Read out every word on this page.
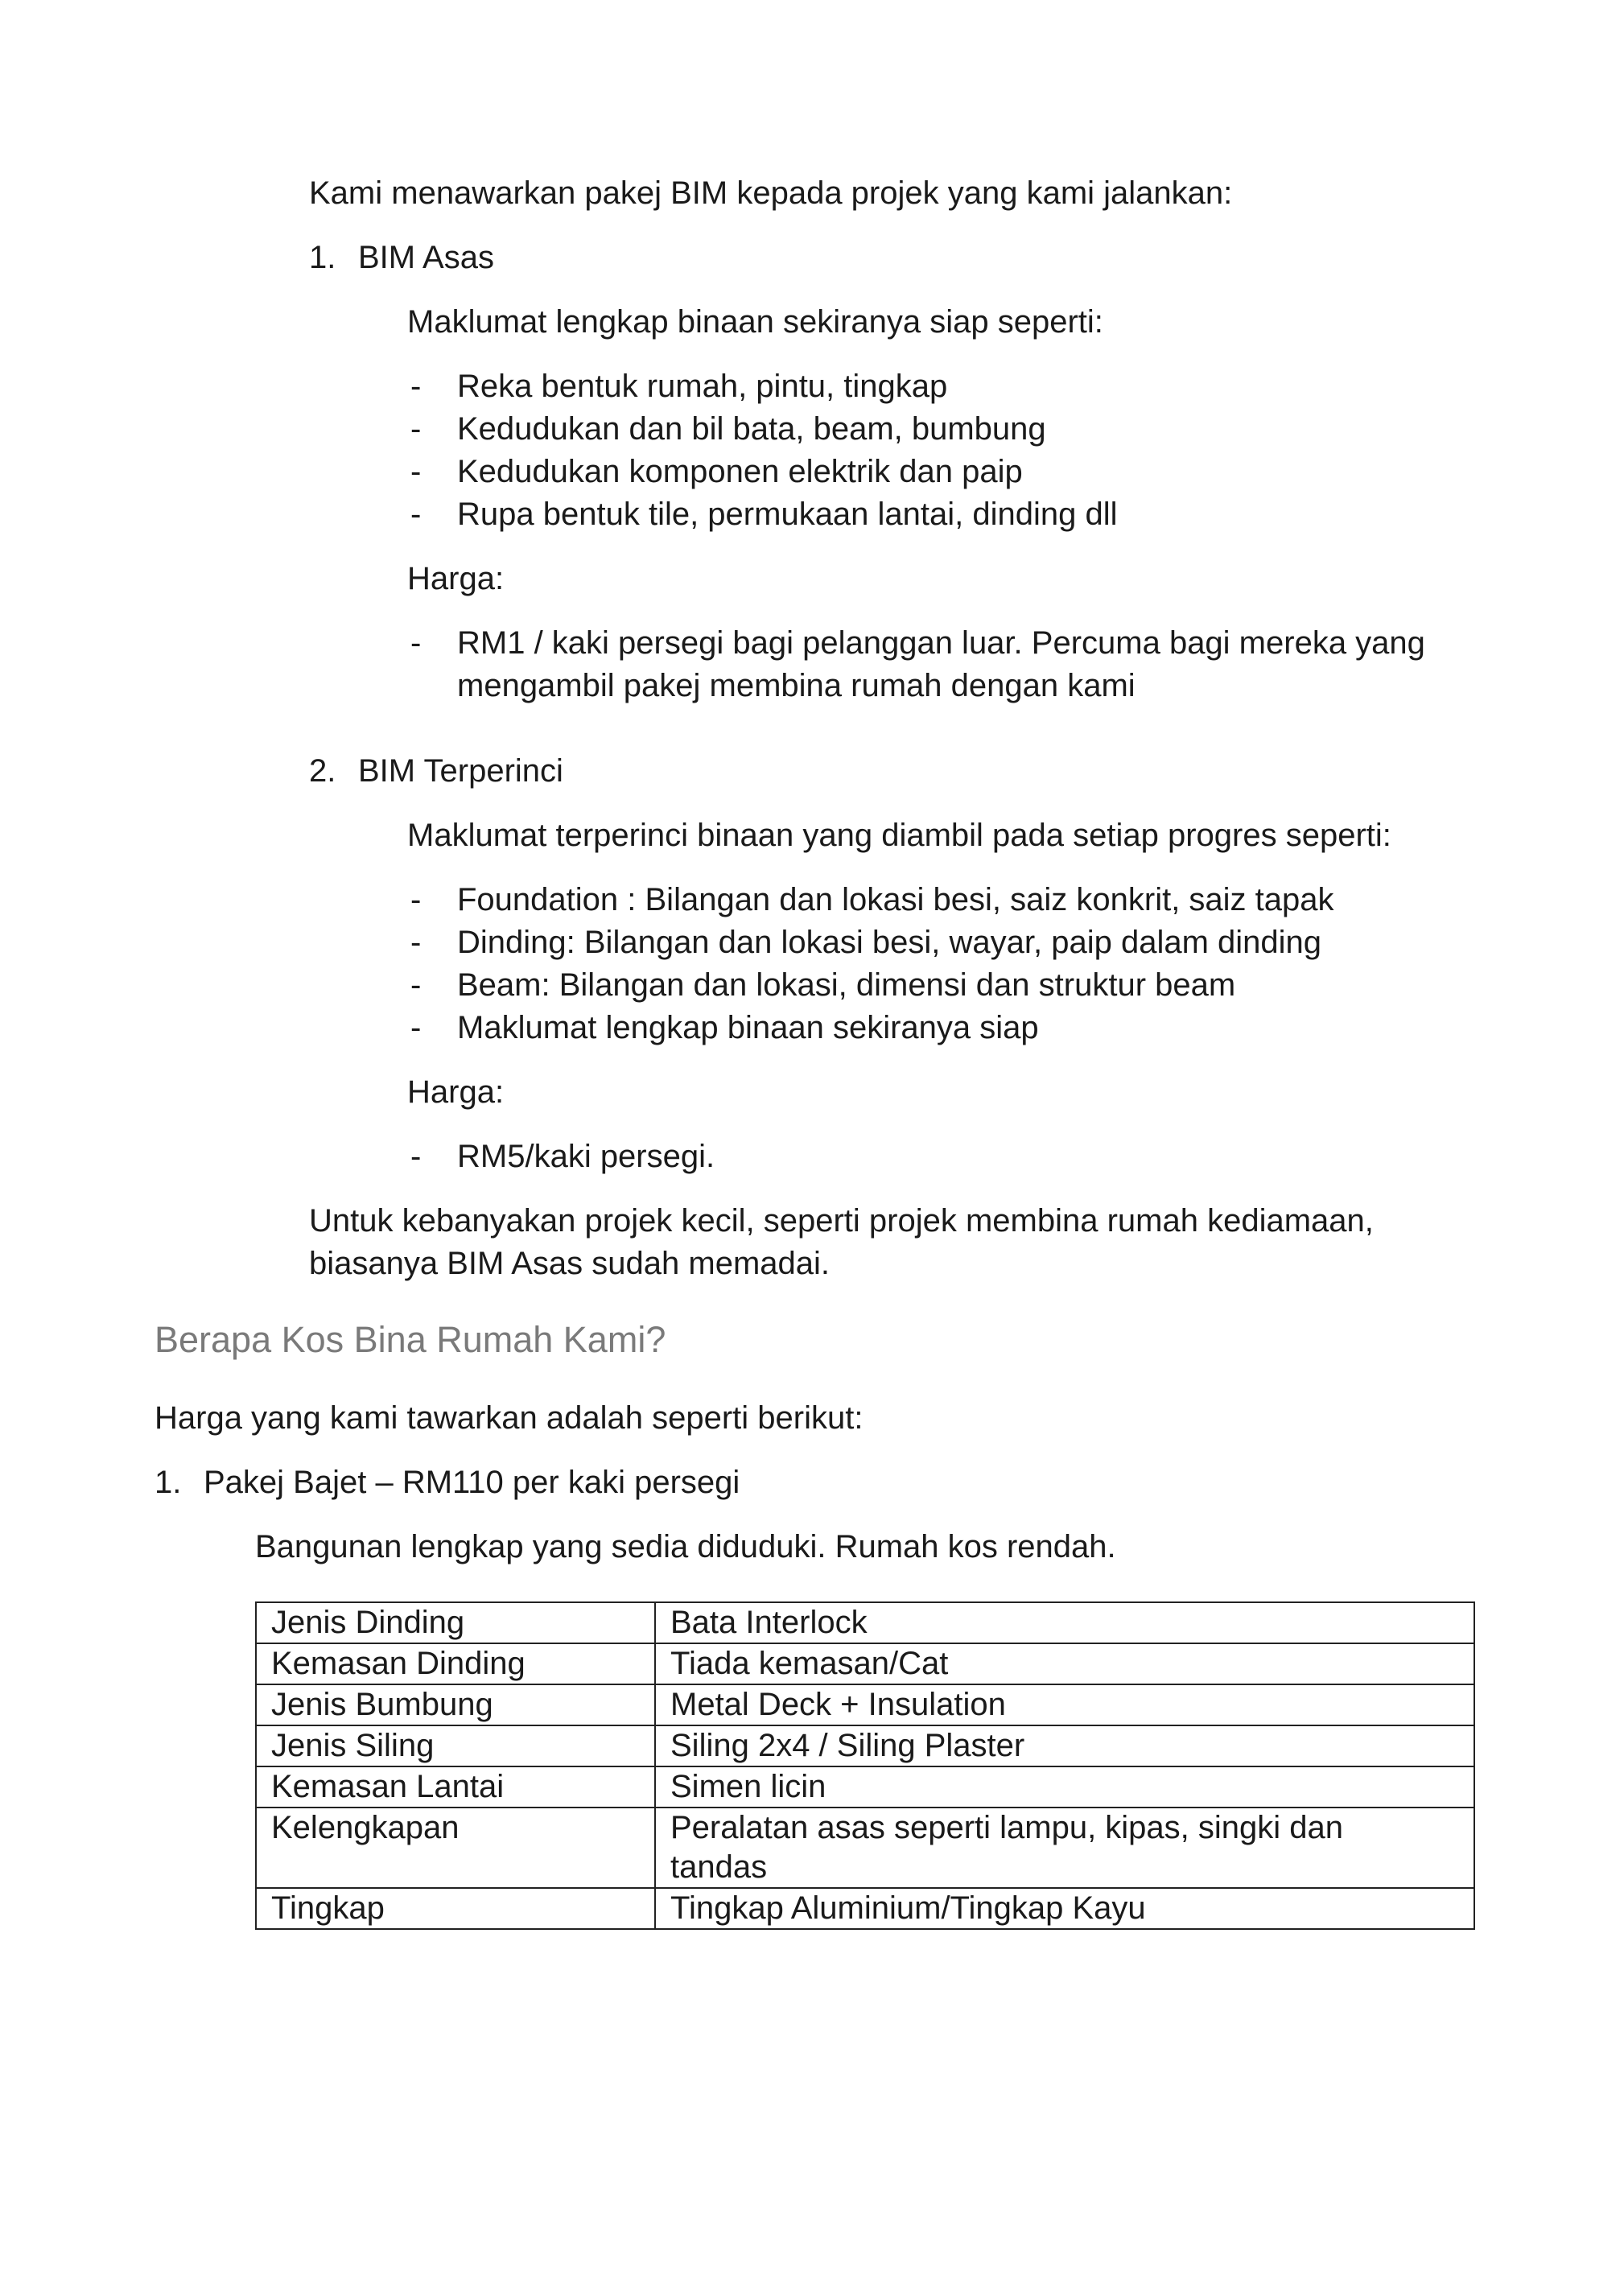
Kami menawarkan pakej BIM kepada projek yang kami jalankan:
1. BIM Asas
Maklumat lengkap binaan sekiranya siap seperti:
- Reka bentuk rumah, pintu, tingkap
- Kedudukan dan bil bata, beam, bumbung
- Kedudukan komponen elektrik dan paip
- Rupa bentuk tile, permukaan lantai, dinding dll
Harga:
- RM1 / kaki persegi bagi pelanggan luar. Percuma bagi mereka yang
mengambil pakej membina rumah dengan kami
2. BIM Terperinci
Maklumat terperinci binaan yang diambil pada setiap progres seperti:
- Foundation : Bilangan dan lokasi besi, saiz konkrit, saiz tapak
- Dinding: Bilangan dan lokasi besi, wayar, paip dalam dinding
- Beam: Bilangan dan lokasi, dimensi dan struktur beam
- Maklumat lengkap binaan sekiranya siap
Harga:
- RM5/kaki persegi.
Untuk kebanyakan projek kecil, seperti projek membina rumah kediamaan,
biasanya BIM Asas sudah memadai.
Berapa Kos Bina Rumah Kami?
Harga yang kami tawarkan adalah seperti berikut:
1. Pakej Bajet – RM110 per kaki persegi
Bangunan lengkap yang sedia diduduki. Rumah kos rendah.
Jenis Dinding	Bata Interlock
Kemasan Dinding	Tiada kemasan/Cat
Jenis Bumbung	Metal Deck + Insulation
Jenis Siling	Siling 2x4 / Siling Plaster
Kemasan Lantai	Simen licin
Kelengkapan	Peralatan asas seperti lampu, kipas, singki dan
tandas

Tingkap	Tingkap Aluminium/Tingkap Kayu
